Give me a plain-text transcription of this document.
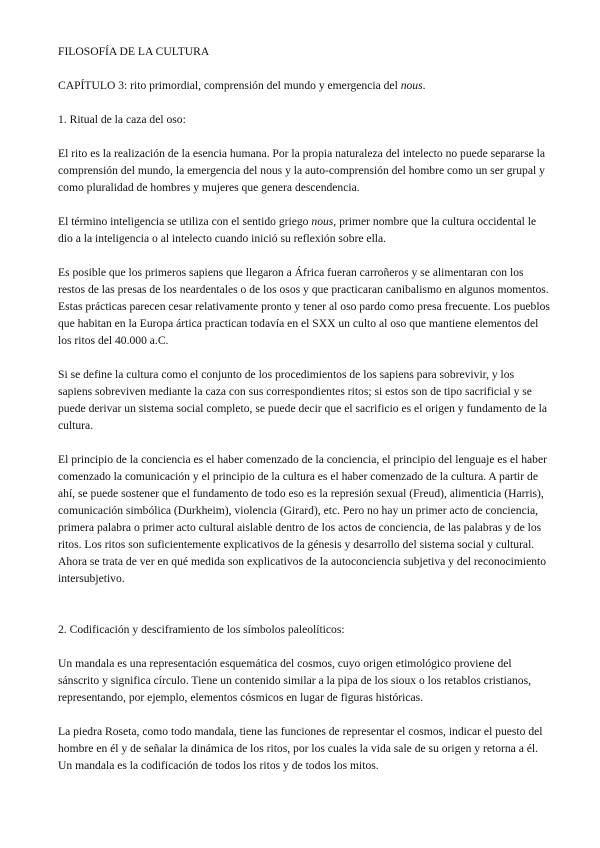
FILOSOFÍA DE LA CULTURA
CAPÍTULO 3: rito primordial, comprensión del mundo y emergencia del nous.
1. Ritual de la caza del oso:

El rito es la realización de la esencia humana. Por la propia naturaleza del intelecto no puede separarse la comprensión del mundo, la emergencia del nous y la auto-comprensión del hombre como un ser grupal y como pluralidad de hombres y mujeres que genera descendencia.

El término inteligencia se utiliza con el sentido griego nous, primer nombre que la cultura occidental le dio a la inteligencia o al intelecto cuando inició su reflexión sobre ella.

Es posible que los primeros sapiens que llegaron a África fueran carroñeros y se alimentaran con los restos de las presas de los neardentales o de los osos y que practicaran canibalismo en algunos momentos. Estas prácticas parecen cesar relativamente pronto y tener al oso pardo como presa frecuente. Los pueblos que habitan en la Europa ártica practican todavía en el SXX un culto al oso que mantiene elementos del los ritos del 40.000 a.C.

Si se define la cultura como el conjunto de los procedimientos de los sapiens para sobrevivir, y los sapiens sobreviven mediante la caza con sus correspondientes ritos; si estos son de tipo sacrificial y se puede derivar un sistema social completo, se puede decir que el sacrificio es el origen y fundamento de la cultura.

El principio de la conciencia es el haber comenzado de la conciencia, el principio del lenguaje es el haber comenzado la comunicación y el principio de la cultura es el haber comenzado de la cultura. A partir de ahí, se puede sostener que el fundamento de todo eso es la represión sexual (Freud), alimenticia (Harris), comunicación simbólica (Durkheim), violencia (Girard), etc. Pero no hay un primer acto de conciencia, primera palabra o primer acto cultural aislable dentro de los actos de conciencia, de las palabras y de los ritos. Los ritos son suficientemente explicativos de la génesis y desarrollo del sistema social y cultural. Ahora se trata de ver en qué medida son explicativos de la autoconciencia subjetiva y del reconocimiento intersubjetivo.

2. Codificación y desciframiento de los símbolos paleolíticos:

Un mandala es una representación esquemática del cosmos, cuyo origen etimológico proviene del sánscrito y significa círculo. Tiene un contenido similar a la pipa de los sioux o los retablos cristianos, representando, por ejemplo, elementos cósmicos en lugar de figuras históricas.

La piedra Roseta, como todo mandala, tiene las funciones de representar el cosmos, indicar el puesto del hombre en él y de señalar la dinámica de los ritos, por los cuales la vida sale de su origen y retorna a él. Un mandala es la codificación de todos los ritos y de todos los mitos.
